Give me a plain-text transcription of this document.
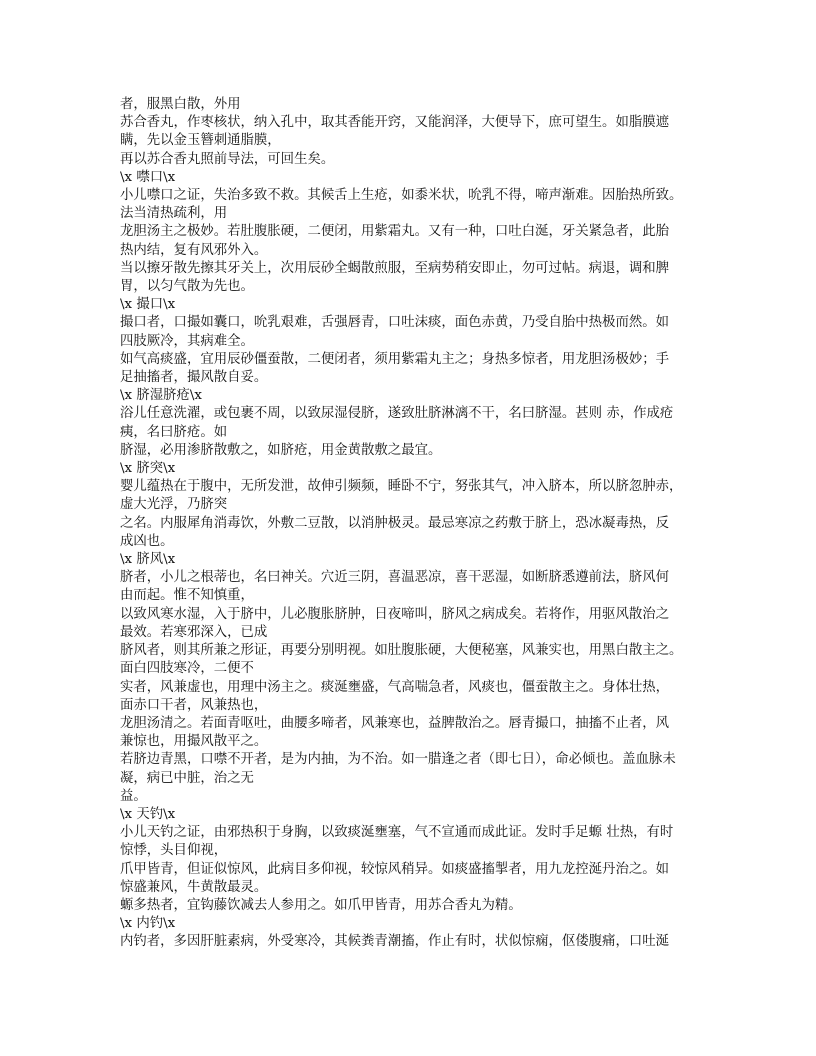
者，服黑白散，外用
苏合香丸，作枣核状，纳入孔中，取其香能开窍，又能润泽，大便导下，庶可望生。如脂膜遮
瞒，先以金玉簪刺通脂膜，
再以苏合香丸照前导法，可回生矣。
\x 噤口\x
小儿噤口之证，失治多致不救。其候舌上生疮，如黍米状，吮乳不得，啼声渐难。因胎热所致。
法当清热疏利，用
龙胆汤主之极妙。若肚腹胀硬，二便闭，用紫霜丸。又有一种，口吐白涎，牙关紧急者，此胎
热内结，复有风邪外入。
当以擦牙散先擦其牙关上，次用辰砂全蝎散煎服，至病势稍安即止，勿可过帖。病退，调和脾
胃，以匀气散为先也。
\x 撮口\x
撮口者，口撮如囊口，吮乳艰难，舌强唇青，口吐沫痰，面色赤黄，乃受自胎中热极而然。如
四肢厥冷，其病难全。
如气高痰盛，宜用辰砂僵蚕散，二便闭者，须用紫霜丸主之；身热多惊者，用龙胆汤极妙；手
足抽搐者，撮风散自妥。
\x 脐湿脐疮\x
浴儿任意洗濯，或包裹不周，以致尿湿侵脐，遂致肚脐淋漓不干，名曰脐湿。甚则 赤，作成疮
痍，名曰脐疮。如
脐湿，必用渗脐散敷之，如脐疮，用金黄散敷之最宜。
\x 脐突\x
婴儿蕴热在于腹中，无所发泄，故伸引频频，睡卧不宁，努张其气，冲入脐本，所以脐忽肿赤，
虚大光浮，乃脐突
之名。内服犀角消毒饮，外敷二豆散，以消肿极灵。最忌寒凉之药敷于脐上，恐冰凝毒热，反
成凶也。
\x 脐风\x
脐者，小儿之根蒂也，名曰神关。穴近三阴，喜温恶凉，喜干恶湿，如断脐悉遵前法，脐风何
由而起。惟不知慎重，
以致风寒水湿，入于脐中，儿必腹胀脐肿，日夜啼叫，脐风之病成矣。若将作，用驱风散治之
最效。若寒邪深入，已成
脐风者，则其所兼之形证，再要分别明视。如肚腹胀硬，大便秘塞，风兼实也，用黑白散主之。
面白四肢寒冷，二便不
实者，风兼虚也，用理中汤主之。痰涎壅盛，气高喘急者，风痰也，僵蚕散主之。身体壮热，
面赤口干者，风兼热也，
龙胆汤清之。若面青呕吐，曲腰多啼者，风兼寒也，益脾散治之。唇青撮口，抽搐不止者，风
兼惊也，用撮风散平之。
若脐边青黑，口噤不开者，是为内抽，为不治。如一腊逢之者（即七日），命必倾也。盖血脉未
凝，病已中脏，治之无
益。
\x 天钓\x
小儿天钓之证，由邪热积于身胸，以致痰涎壅塞，气不宣通而成此证。发时手足螈 壮热，有时
惊悸，头目仰视，
爪甲皆青，但证似惊风，此病目多仰视，较惊风稍异。如痰盛搐掣者，用九龙控涎丹治之。如
惊盛兼风，牛黄散最灵。
螈多热者，宜钩藤饮减去人参用之。如爪甲皆青，用苏合香丸为精。
\x 内钓\x
内钓者，多因肝脏素病，外受寒冷，其候粪青潮搐，作止有时，状似惊痫，伛偻腹痛，口吐涎
